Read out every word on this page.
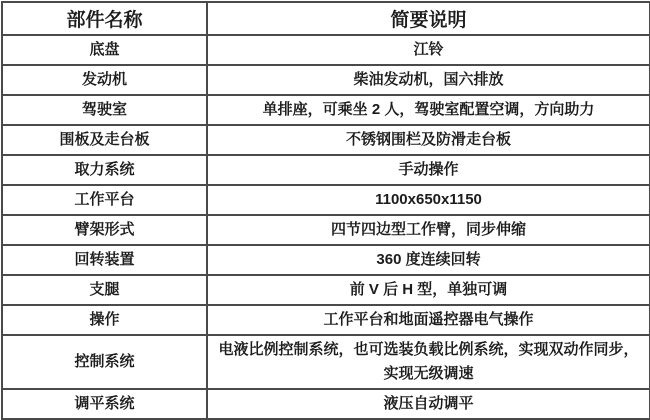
部件名称	简要说明
底盘	江铃
发动机	柴油发动机，国六排放
驾驶室	单排座，可乘坐 2 人，驾驶室配置空调，方向助力
围板及走台板	不锈钢围栏及防滑走台板
取力系统	手动操作
工作平台	1100x650x1150
臂架形式	四节四边型工作臂，同步伸缩
回转装置	360 度连续回转
支腿	前 V 后 H 型，单独可调
操作	工作平台和地面遥控器电气操作
控制系统	电液比例控制系统，也可选装负载比例系统，实现双动作同步，实现无级调速
调平系统	液压自动调平
